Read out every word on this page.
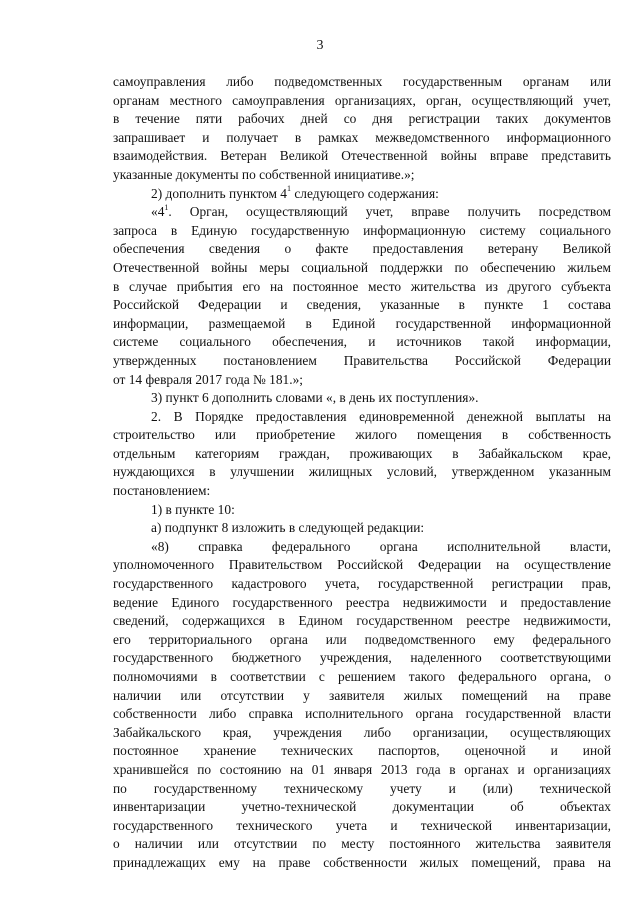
3
самоуправления либо подведомственных государственным органам или
органам местного самоуправления организациях, орган, осуществляющий учет,
в течение пяти рабочих дней со дня регистрации таких документов
запрашивает и получает в рамках межведомственного информационного
взаимодействия. Ветеран Великой Отечественной войны вправе представить
указанные документы по собственной инициативе.»;
2) дополнить пунктом $4^1$ следующего содержания:
«$4^1$. Орган, осуществляющий учет, вправе получить посредством
запроса в Единую государственную информационную систему социального
обеспечения сведения о факте предоставления ветерану Великой
Отечественной войны меры социальной поддержки по обеспечению жильем
в случае прибытия его на постоянное место жительства из другого субъекта
Российской Федерации и сведения, указанные в пункте 1 состава
информации, размещаемой в Единой государственной информационной
системе социального обеспечения, и источников такой информации,
утвержденных постановлением Правительства Российской Федерации
от 14 февраля 2017 года № 181.»;
3) пункт 6 дополнить словами «, в день их поступления».
2. В Порядке предоставления единовременной денежной выплаты на
строительство или приобретение жилого помещения в собственность
отдельным категориям граждан, проживающих в Забайкальском крае,
нуждающихся в улучшении жилищных условий, утвержденном указанным
постановлением:
1) в пункте 10:
а) подпункт 8 изложить в следующей редакции:
«8) справка федерального органа исполнительной власти,
уполномоченного Правительством Российской Федерации на осуществление
государственного кадастрового учета, государственной регистрации прав,
ведение Единого государственного реестра недвижимости и предоставление
сведений, содержащихся в Едином государственном реестре недвижимости,
его территориального органа или подведомственного ему федерального
государственного бюджетного учреждения, наделенного соответствующими
полномочиями в соответствии с решением такого федерального органа, о
наличии или отсутствии у заявителя жилых помещений на праве
собственности либо справка исполнительного органа государственной власти
Забайкальского края, учреждения либо организации, осуществляющих
постоянное хранение технических паспортов, оценочной и иной
хранившейся по состоянию на 01 января 2013 года в органах и организациях
по государственному техническому учету и (или) технической
инвентаризации учетно-технической документации об объектах
государственного технического учета и технической инвентаризации,
о наличии или отсутствии по месту постоянного жительства заявителя
принадлежащих ему на праве собственности жилых помещений, права на
